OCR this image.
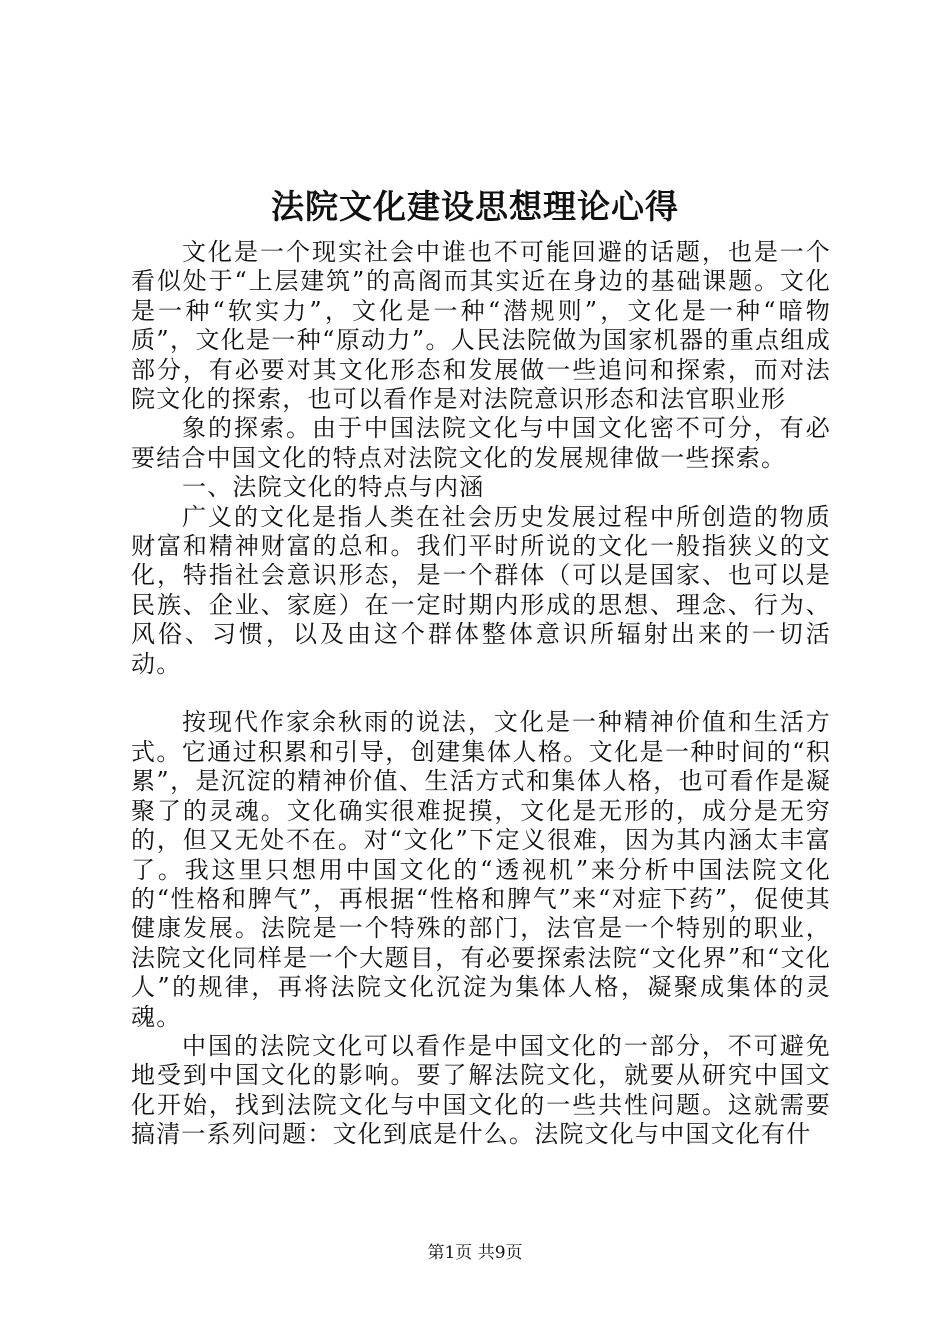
法院文化建设思想理论心得

文化是一个现实社会中谁也不可能回避的话题，也是一个看似处于“上层建筑”的高阁而其实近在身边的基础课题。文化是一种“软实力”，文化是一种“潜规则”，文化是一种“暗物质”，文化是一种“原动力”。人民法院做为国家机器的重点组成部分，有必要对其文化形态和发展做一些追问和探索，而对法院文化的探索，也可以看作是对法院意识形态和法官职业形

象的探索。由于中国法院文化与中国文化密不可分，有必要结合中国文化的特点对法院文化的发展规律做一些探索。

一、法院文化的特点与内涵

广义的文化是指人类在社会历史发展过程中所创造的物质财富和精神财富的总和。我们平时所说的文化一般指狭义的文化，特指社会意识形态，是一个群体（可以是国家、也可以是民族、企业、家庭）在一定时期内形成的思想、理念、行为、风俗、习惯，以及由这个群体整体意识所辐射出来的一切活动。

按现代作家余秋雨的说法，文化是一种精神价值和生活方式。它通过积累和引导，创建集体人格。文化是一种时间的“积累”，是沉淀的精神价值、生活方式和集体人格，也可看作是凝聚了的灵魂。文化确实很难捉摸，文化是无形的，成分是无穷的，但又无处不在。对“文化”下定义很难，因为其内涵太丰富了。我这里只想用中国文化的“透视机”来分析中国法院文化的“性格和脾气”，再根据“性格和脾气”来“对症下药”，促使其健康发展。法院是一个特殊的部门，法官是一个特别的职业，法院文化同样是一个大题目，有必要探索法院“文化界”和“文化人”的规律，再将法院文化沉淀为集体人格，凝聚成集体的灵魂。

中国的法院文化可以看作是中国文化的一部分，不可避免地受到中国文化的影响。要了解法院文化，就要从研究中国文化开始，找到法院文化与中国文化的一些共性问题。这就需要搞清一系列问题：文化到底是什么。法院文化与中国文化有什

第1页 共9页
